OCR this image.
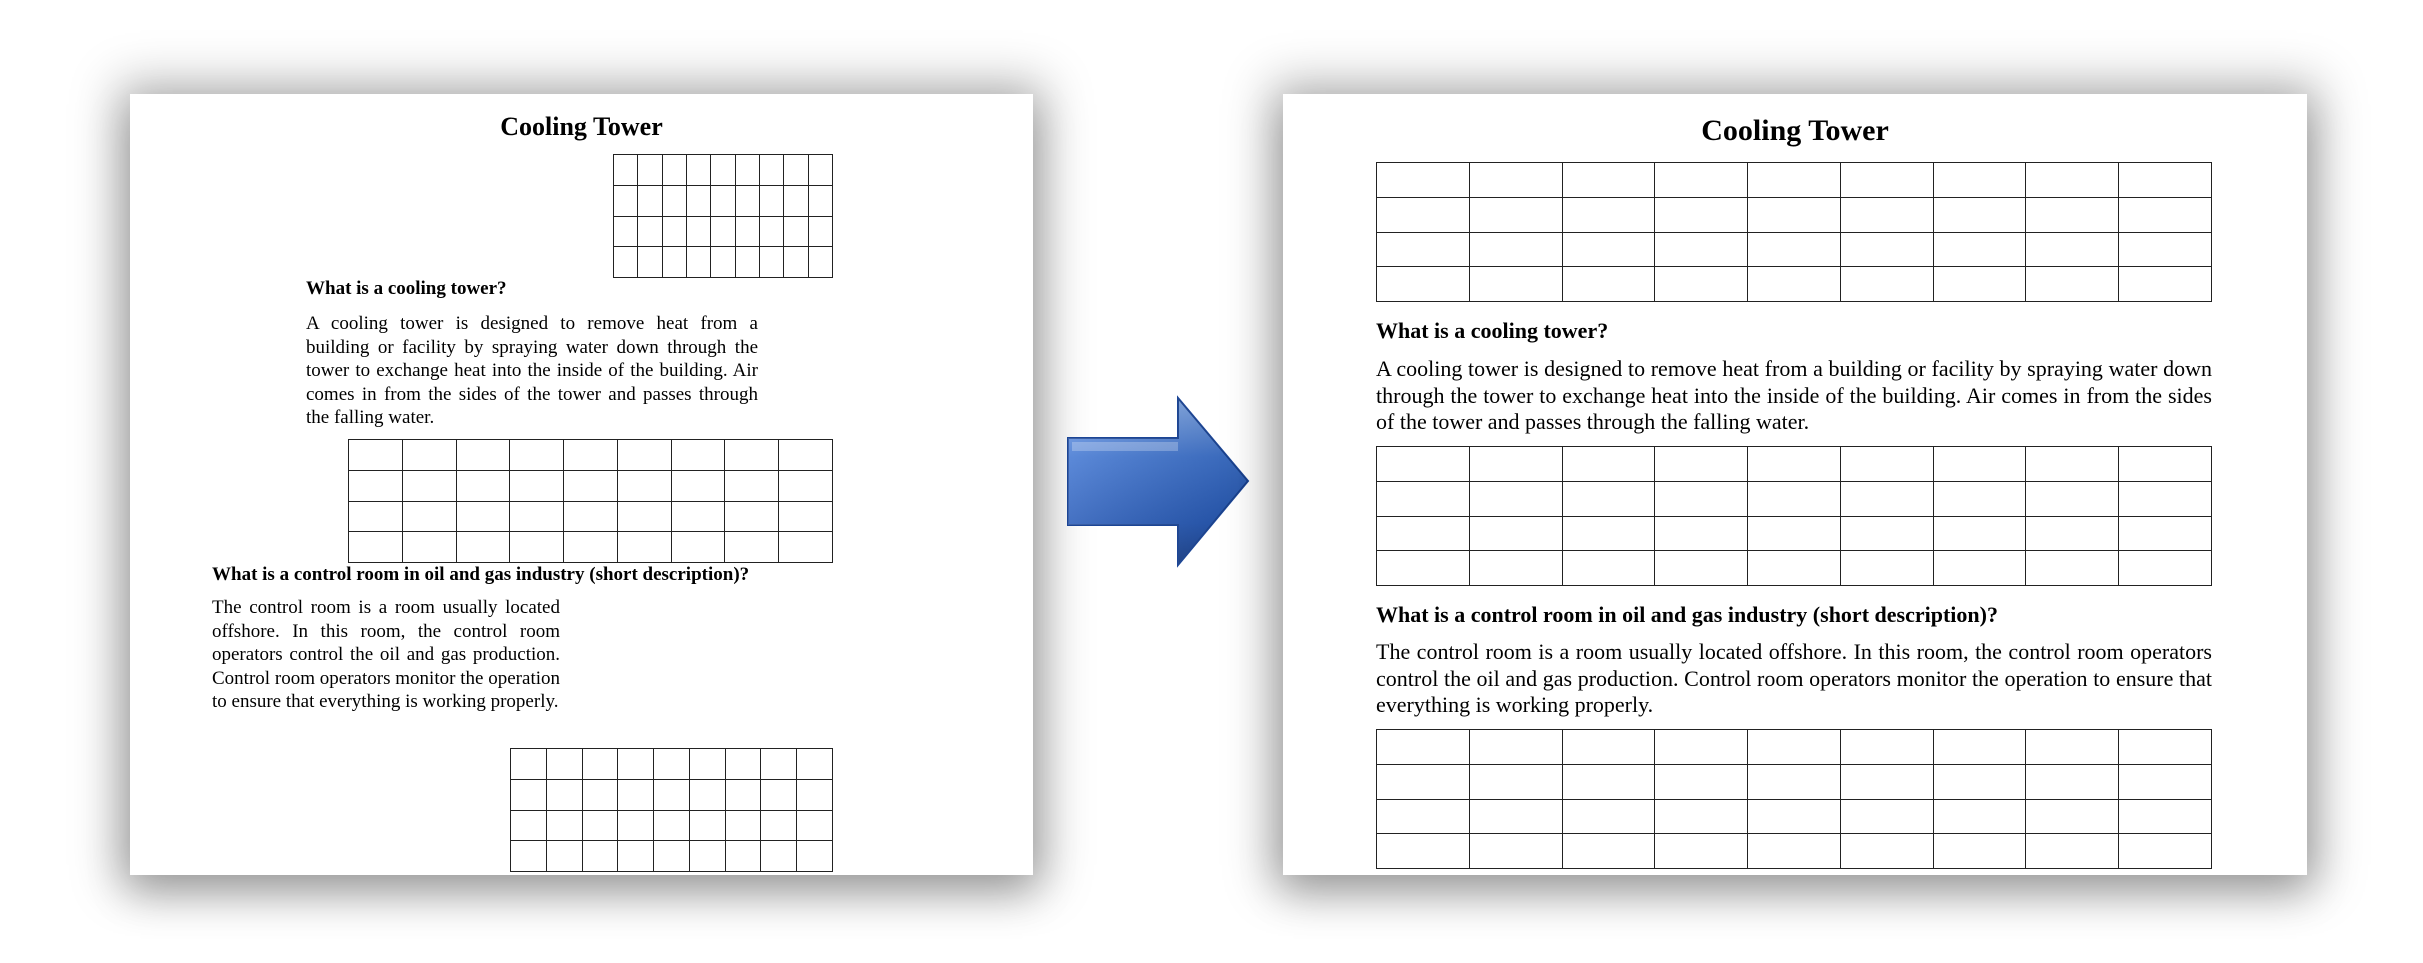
Cooling Tower

What is a cooling tower?

A cooling tower is designed to remove heat from a building or facility by spraying water down through the tower to exchange heat into the inside of the building. Air comes in from the sides of the tower and passes through the falling water.

What is a control room in oil and gas industry (short description)?

The control room is a room usually located offshore. In this room, the control room operators control the oil and gas production. Control room operators monitor the operation to ensure that everything is working properly.

Cooling Tower

What is a cooling tower?

A cooling tower is designed to remove heat from a building or facility by spraying water down through the tower to exchange heat into the inside of the building. Air comes in from the sides of the tower and passes through the falling water.

What is a control room in oil and gas industry (short description)?

The control room is a room usually located offshore. In this room, the control room operators control the oil and gas production. Control room operators monitor the operation to ensure that everything is working properly.
